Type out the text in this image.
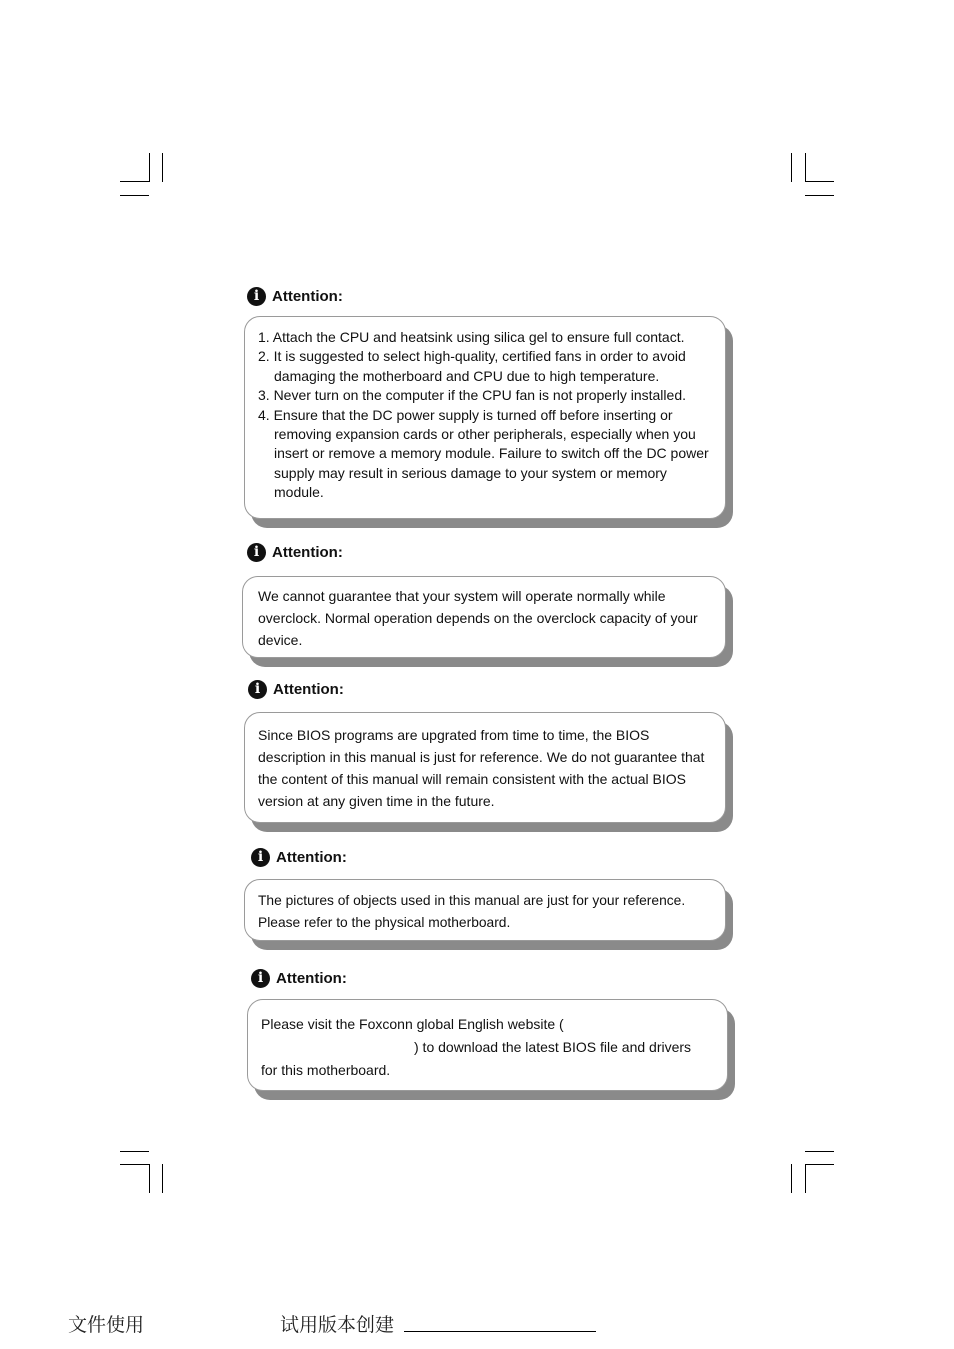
i Attention:
1. Attach the CPU and heatsink using silica gel to ensure full contact.
2. It is suggested to select high-quality, certified fans in order to avoid damaging the motherboard and CPU due to high temperature.
3. Never turn on the computer if the CPU fan is not properly installed.
4. Ensure that the DC power supply is turned off before inserting or removing expansion cards or other peripherals, especially when you insert or remove a memory module. Failure to switch off the DC power supply may result in serious damage to your system or memory module.
i Attention:

We cannot guarantee that your system will operate normally while overclock. Normal operation depends on the overclock capacity of your device.

i Attention:

Since BIOS programs are upgrated from time to time, the BIOS description in this manual is just for reference. We do not guarantee that the content of this manual will remain consistent with the actual BIOS version at any given time in the future.

i Attention:

The pictures of objects used in this manual are just for your reference. Please refer to the physical motherboard.

i Attention:
Please visit the Foxconn global English website (
) to download the latest BIOS file and drivers
for this motherboard.
文件使用	试用版本创建
